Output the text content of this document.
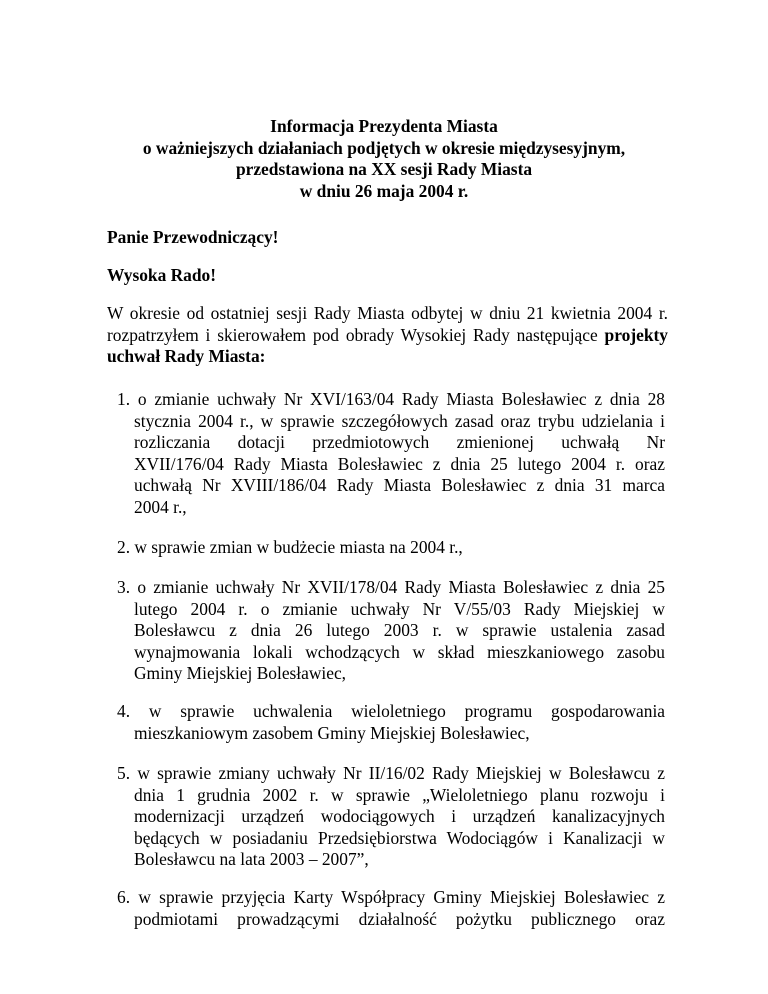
Informacja Prezydenta Miasta
o ważniejszych działaniach podjętych w okresie międzysesyjnym,
przedstawiona na XX sesji Rady Miasta
w dniu 26 maja 2004 r.
Panie Przewodniczący!
Wysoka Rado!
W okresie od ostatniej sesji Rady Miasta odbytej w dniu 21 kwietnia 2004 r.
rozpatrzyłem i skierowałem pod obrady Wysokiej Rady następujące projekty
uchwał Rady Miasta:
1. o zmianie uchwały Nr XVI/163/04 Rady Miasta Bolesławiec z dnia 28
stycznia 2004 r., w sprawie szczegółowych zasad oraz trybu udzielania i
rozliczania dotacji przedmiotowych zmienionej uchwałą Nr
XVII/176/04 Rady Miasta Bolesławiec z dnia 25 lutego 2004 r. oraz
uchwałą Nr XVIII/186/04 Rady Miasta Bolesławiec z dnia 31 marca
2004 r.,
2. w sprawie zmian w budżecie miasta na 2004 r.,
3. o zmianie uchwały Nr XVII/178/04 Rady Miasta Bolesławiec z dnia 25
lutego 2004 r. o zmianie uchwały Nr V/55/03 Rady Miejskiej w
Bolesławcu z dnia 26 lutego 2003 r. w sprawie ustalenia zasad
wynajmowania lokali wchodzących w skład mieszkaniowego zasobu
Gminy Miejskiej Bolesławiec,
4. w sprawie uchwalenia wieloletniego programu gospodarowania
mieszkaniowym zasobem Gminy Miejskiej Bolesławiec,
5. w sprawie zmiany uchwały Nr II/16/02 Rady Miejskiej w Bolesławcu z
dnia 1 grudnia 2002 r. w sprawie „Wieloletniego planu rozwoju i
modernizacji urządzeń wodociągowych i urządzeń kanalizacyjnych
będących w posiadaniu Przedsiębiorstwa Wodociągów i Kanalizacji w
Bolesławcu na lata 2003 – 2007”,
6. w sprawie przyjęcia Karty Współpracy Gminy Miejskiej Bolesławiec z
podmiotami prowadzącymi działalność pożytku publicznego oraz
